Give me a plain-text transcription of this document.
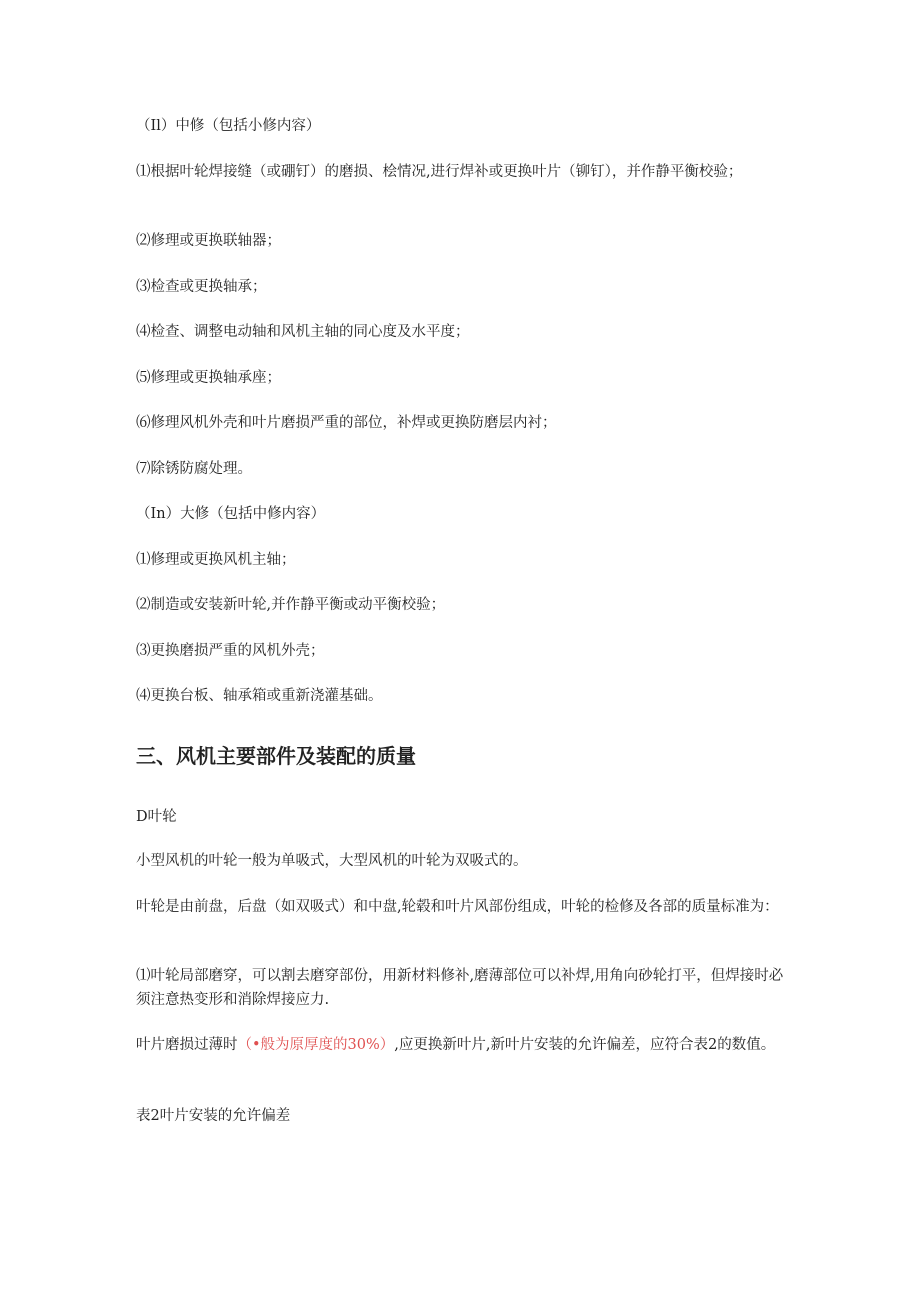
（Il）中修（包括小修内容）

⑴根据叶轮焊接缝（或硼钉）的磨损、桧情况,进行焊补或更换叶片（铆钉），并作静平衡校验；

⑵修理或更换联轴器；

⑶检查或更换轴承；

⑷检查、调整电动轴和风机主轴的同心度及水平度；

⑸修理或更换轴承座；

⑹修理风机外壳和叶片磨损严重的部位，补焊或更换防磨层内衬；

⑺除锈防腐处理。

（In）大修（包括中修内容）

⑴修理或更换风机主轴；

⑵制造或安装新叶轮,并作静平衡或动平衡校验；

⑶更换磨损严重的风机外壳；

⑷更换台板、轴承箱或重新浇灌基础。

三、风机主要部件及装配的质量

D叶轮

小型风机的叶轮一般为单吸式，大型风机的叶轮为双吸式的。

叶轮是由前盘，后盘（如双吸式）和中盘,轮毂和叶片风部份组成，叶轮的检修及各部的质量标准为：

⑴叶轮局部磨穿，可以割去磨穿部份，用新材料修补,磨薄部位可以补焊,用角向砂轮打平，但焊接时必须注意热变形和消除焊接应力.

叶片磨损过薄时（•般为原厚度的30%）,应更换新叶片,新叶片安装的允许偏差，应符合表2的数值。

表2叶片安装的允许偏差
